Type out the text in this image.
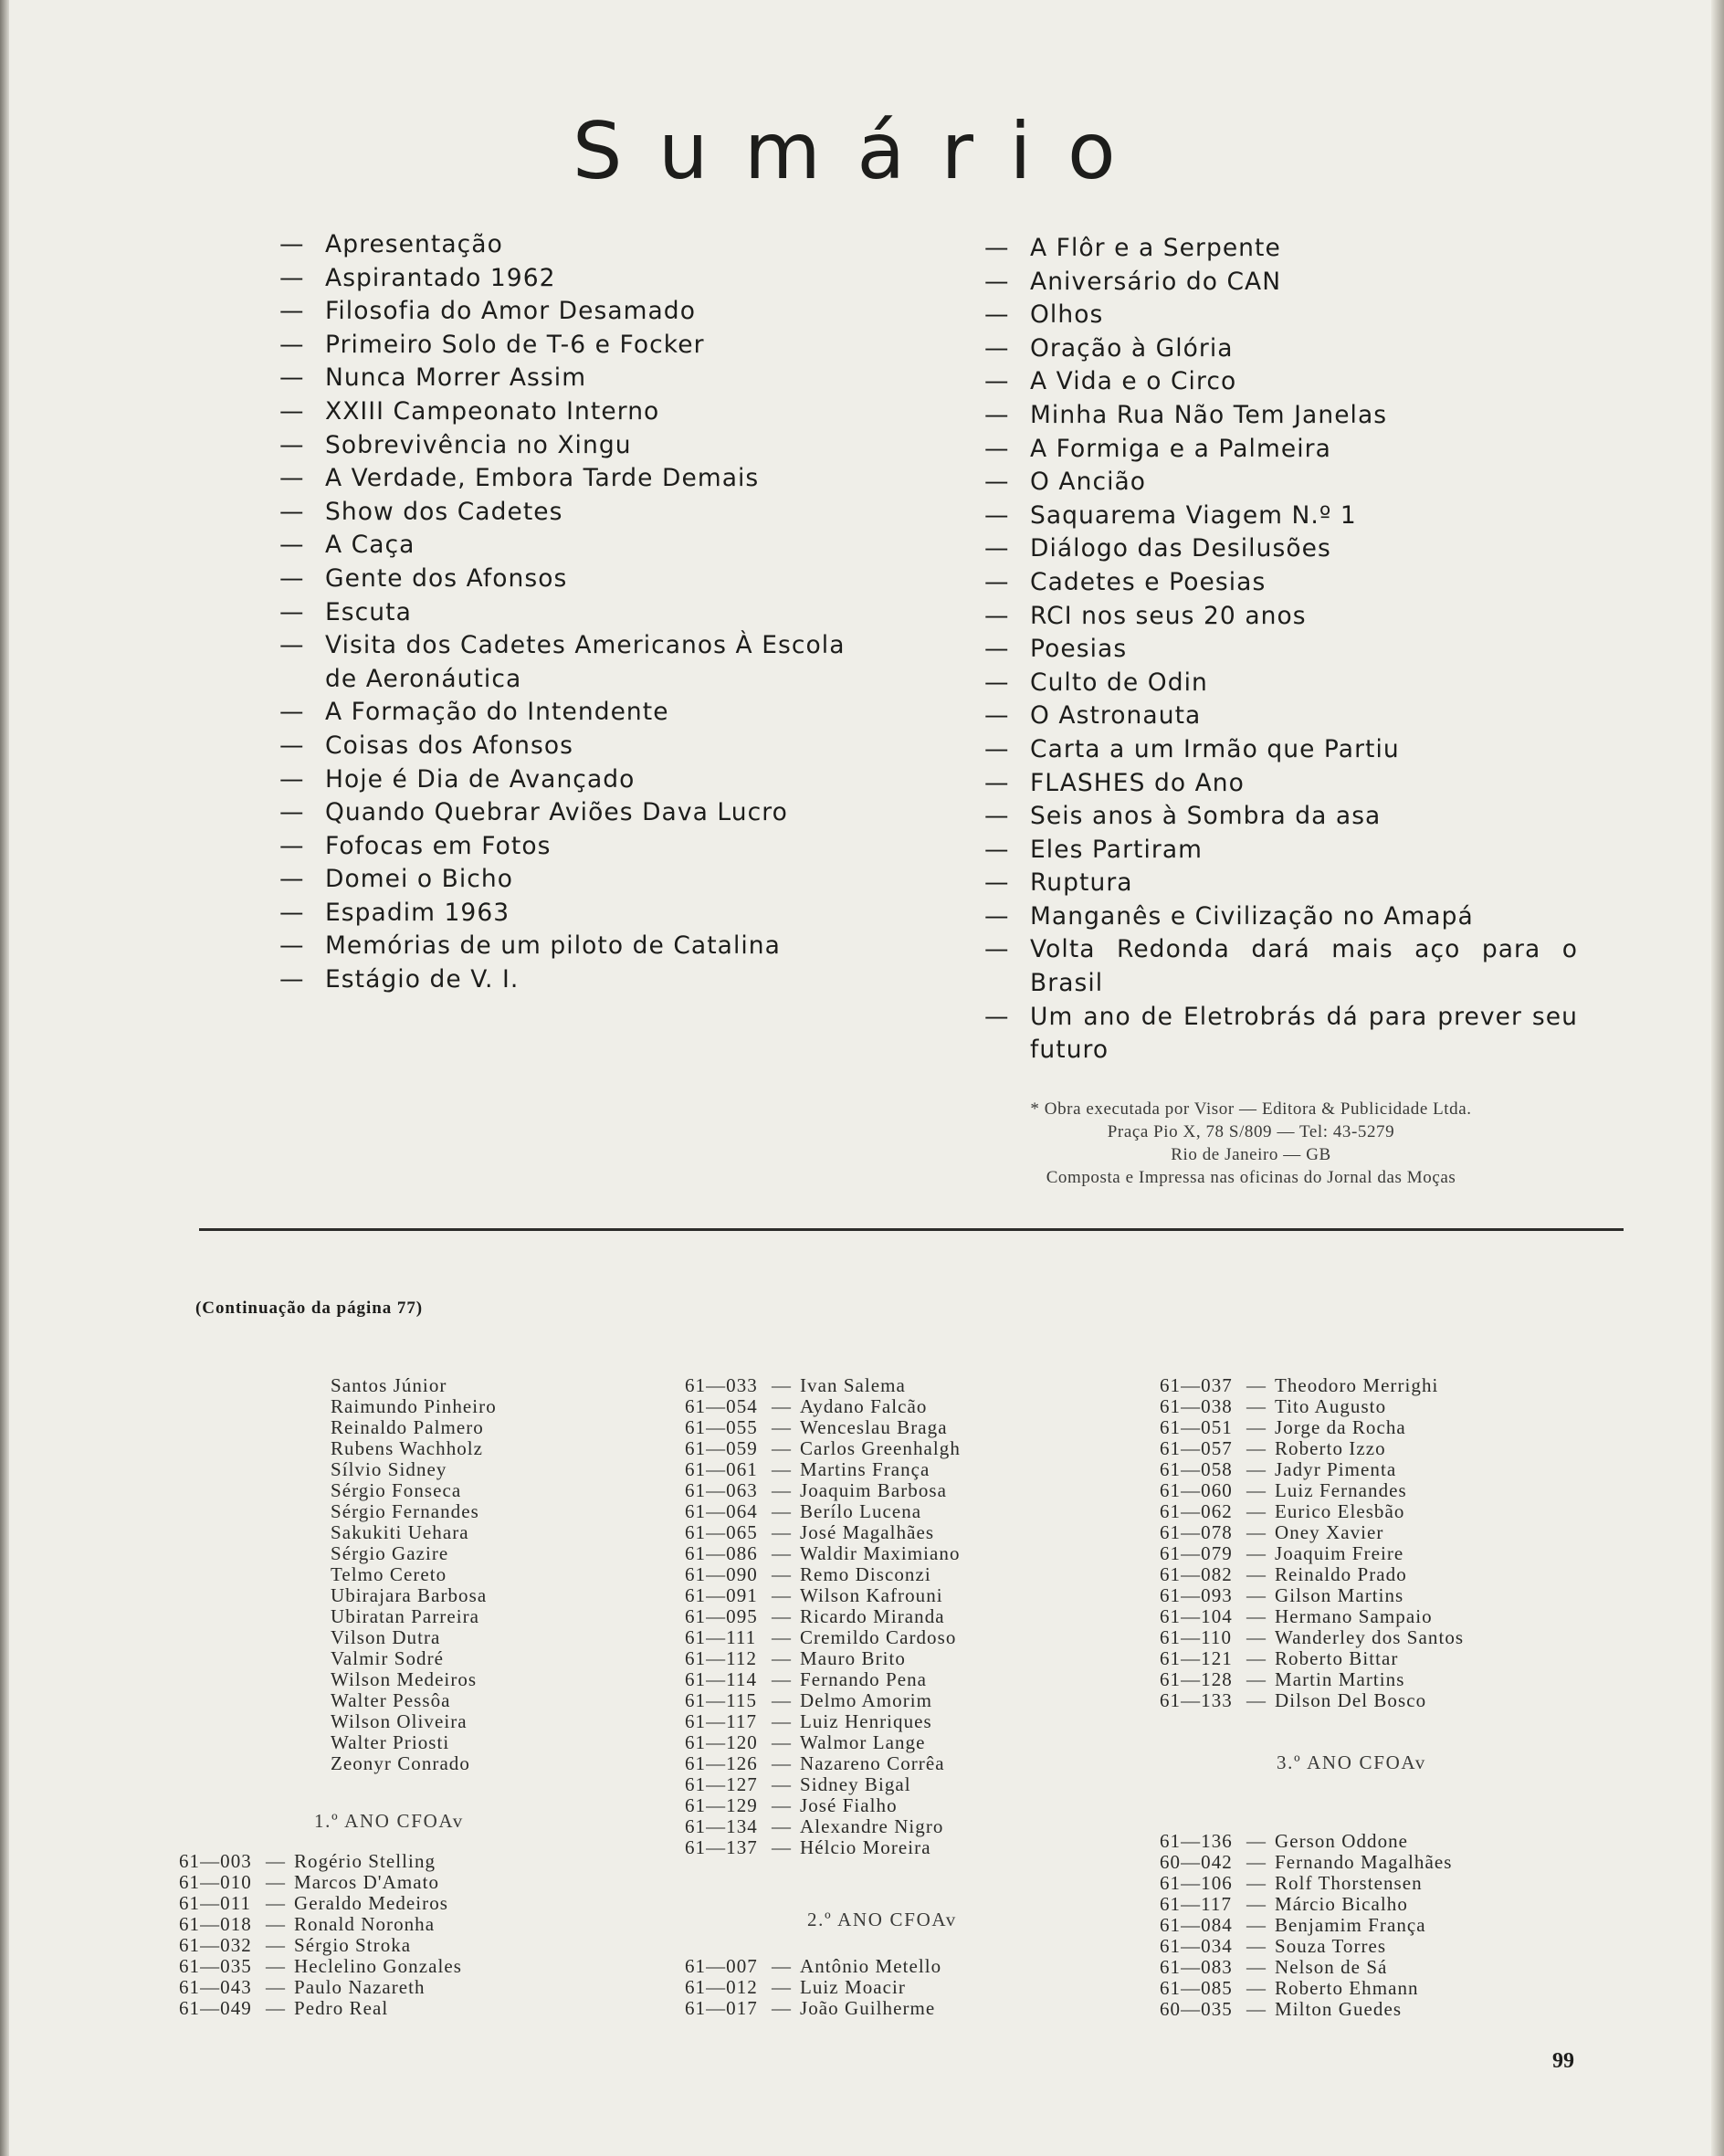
Sumário
— Apresentação
— Aspirantado 1962
— Filosofia do Amor Desamado
— Primeiro Solo de T-6 e Focker
— Nunca Morrer Assim
— XXIII Campeonato Interno
— Sobrevivência no Xingu
— A Verdade, Embora Tarde Demais
— Show dos Cadetes
— A Caça
— Gente dos Afonsos
— Escuta
— Visita dos Cadetes Americanos À Escola de Aeronáutica
— A Formação do Intendente
— Coisas dos Afonsos
— Hoje é Dia de Avançado
— Quando Quebrar Aviões Dava Lucro
— Fofocas em Fotos
— Domei o Bicho
— Espadim 1963
— Memórias de um piloto de Catalina
— Estágio de V. I.
— A Flôr e a Serpente
— Aniversário do CAN
— Olhos
— Oração à Glória
— A Vida e o Circo
— Minha Rua Não Tem Janelas
— A Formiga e a Palmeira
— O Ancião
— Saquarema Viagem N.º 1
— Diálogo das Desilusões
— Cadetes e Poesias
— RCI nos seus 20 anos
— Poesias
— Culto de Odin
— O Astronauta
— Carta a um Irmão que Partiu
— FLASHES do Ano
— Seis anos à Sombra da asa
— Eles Partiram
— Ruptura
— Manganês e Civilização no Amapá
— Volta Redonda dará mais aço para o Brasil
— Um ano de Eletrobrás dá para prever seu futuro
* Obra executada por Visor — Editora & Publicidade Ltda.
Praça Pio X, 78 S/809 — Tel: 43-5279
Rio de Janeiro — GB
Composta e Impressa nas oficinas do Jornal das Moças
(Continuação da página 77)
Santos Júnior
Raimundo Pinheiro
Reinaldo Palmero
Rubens Wachholz
Sílvio Sidney
Sérgio Fonseca
Sérgio Fernandes
Sakukiti Uehara
Sérgio Gazire
Telmo Cereto
Ubirajara Barbosa
Ubiratan Parreira
Vilson Dutra
Valmir Sodré
Wilson Medeiros
Walter Pessôa
Wilson Oliveira
Walter Priosti
Zeonyr Conrado
1.º ANO CFOAv
61—003 — Rogério Stelling
61—010 — Marcos D'Amato
61—011 — Geraldo Medeiros
61—018 — Ronald Noronha
61—032 — Sérgio Stroka
61—035 — Heclelino Gonzales
61—043 — Paulo Nazareth
61—049 — Pedro Real
61—033 — Ivan Salema
61—054 — Aydano Falcão
61—055 — Wenceslau Braga
61—059 — Carlos Greenhalgh
61—061 — Martins França
61—063 — Joaquim Barbosa
61—064 — Berílo Lucena
61—065 — José Magalhães
61—086 — Waldir Maximiano
61—090 — Remo Disconzi
61—091 — Wilson Kafrouni
61—095 — Ricardo Miranda
61—111 — Cremildo Cardoso
61—112 — Mauro Brito
61—114 — Fernando Pena
61—115 — Delmo Amorim
61—117 — Luiz Henriques
61—120 — Walmor Lange
61—126 — Nazareno Corrêa
61—127 — Sidney Bigal
61—129 — José Fialho
61—134 — Alexandre Nigro
61—137 — Hélcio Moreira
2.º ANO CFOAv
61—007 — Antônio Metello
61—012 — Luiz Moacir
61—017 — João Guilherme
61—037 — Theodoro Merrighi
61—038 — Tito Augusto
61—051 — Jorge da Rocha
61—057 — Roberto Izzo
61—058 — Jadyr Pimenta
61—060 — Luiz Fernandes
61—062 — Eurico Elesbão
61—078 — Oney Xavier
61—079 — Joaquim Freire
61—082 — Reinaldo Prado
61—093 — Gilson Martins
61—104 — Hermano Sampaio
61—110 — Wanderley dos Santos
61—121 — Roberto Bittar
61—128 — Martin Martins
61—133 — Dilson Del Bosco
3.º ANO CFOAv
61—136 — Gerson Oddone
60—042 — Fernando Magalhães
61—106 — Rolf Thorstensen
61—117 — Márcio Bicalho
61—084 — Benjamim França
61—034 — Souza Torres
61—083 — Nelson de Sá
61—085 — Roberto Ehmann
60—035 — Milton Guedes
99
